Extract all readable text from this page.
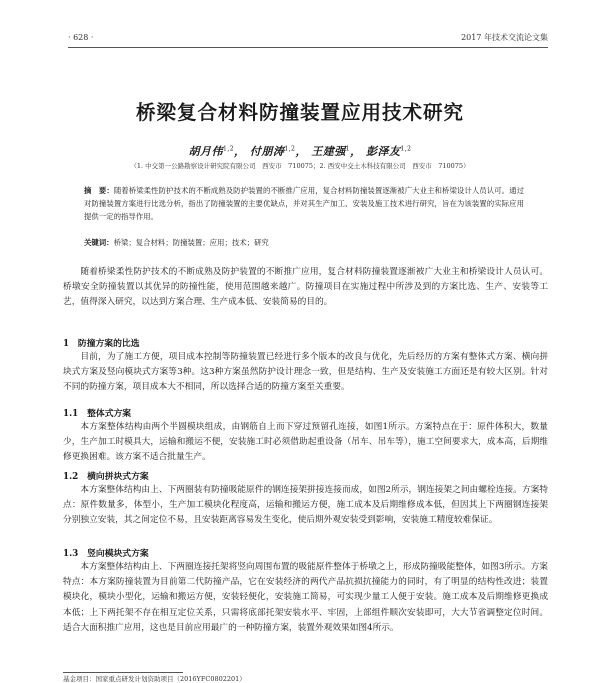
· 628 ·	2017 年技术交流论文集
桥梁复合材料防撞装置应用技术研究
胡月伟$^{1,2}$， 付朋涛$^{1,2}$， 王建强$^1$， 彭泽友$^{1,2}$
（1. 中交第一公路勘察设计研究院有限公司　西安市　710075；2. 西安中交土木科技有限公司　西安市　710075）
摘　要：随着桥梁柔性防护技术的不断成熟及防护装置的不断推广应用，复合材料防撞装置逐渐被广大业主和桥梁设计人员认可。通过对防撞装置方案进行比选分析，指出了防撞装置的主要优缺点，并对其生产加工、安装及施工技术进行研究，旨在为该装置的实际应用提供一定的指导作用。
关键词：桥梁；复合材料；防撞装置；应用；技术；研究
随着桥梁柔性防护技术的不断成熟及防护装置的不断推广应用，复合材料防撞装置逐渐被广大业主和桥梁设计人员认可。桥墩安全防撞装置以其优异的防撞性能，使用范围越来越广。防撞项目在实施过程中所涉及到的方案比选、生产、安装等工艺，值得深入研究，以达到方案合理、生产成本低、安装简易的目的。
1　防撞方案的比选
目前，为了施工方便，项目成本控制等防撞装置已经进行多个版本的改良与优化，先后经历的方案有整体式方案、横向拼块式方案及竖向模块式方案等3种。这3种方案虽然防护设计理念一致，但是结构、生产及安装施工方面还是有较大区别。针对不同的防撞方案，项目成本大不相同，所以选择合适的防撞方案至关重要。
1.1　整体式方案
本方案整体结构由两个半圆模块组成，由钢筋自上而下穿过预留孔连接，如图1所示。方案特点在于：原件体积大，数量少，生产加工时模具大，运输和搬运不便，安装施工时必须借助起重设备（吊车、吊车等），施工空间要求大，成本高，后期维修更换困难。该方案不适合批量生产。
1.2　横向拼块式方案
本方案整体结构由上、下两圈装有防撞吸能原件的钢连接架拼接连接而成，如图2所示，钢连接架之间由螺栓连接。方案特点：原件数量多，体型小，生产加工模块化程度高，运输和搬运方便，施工成本及后期维修成本低，但因其上下两圈钢连接架分别独立安装，其之间定位不易，且安装距离容易发生变化，使后期外观安装受到影响，安装施工精度较难保证。
1.3　竖向模块式方案
本方案整体结构由上、下两圈连接托架将竖向周围布置的吸能原件整体于桥墩之上，形成防撞吸能整体，如图3所示。方案特点：本方案防撞装置为目前第二代防撞产品，它在安装经济的两代产品抗损抗撞能力的同时，有了明显的结构性改进；装置模块化，模块小型化，运输和搬运方便，安装轻便化，安装施工简易，可实现少量工人便于安装。施工成本及后期维修更换成本低；上下两托架不存在相互定位关系，只需将底部托架安装水平、牢固，上部组件顺次安装即可，大大节省调整定位时间。适合大面积推广应用，这也是目前应用最广的一种防撞方案，装置外观效果如图4所示。
基金项目：国家重点研发计划资助项目（2016YFC0802201）
